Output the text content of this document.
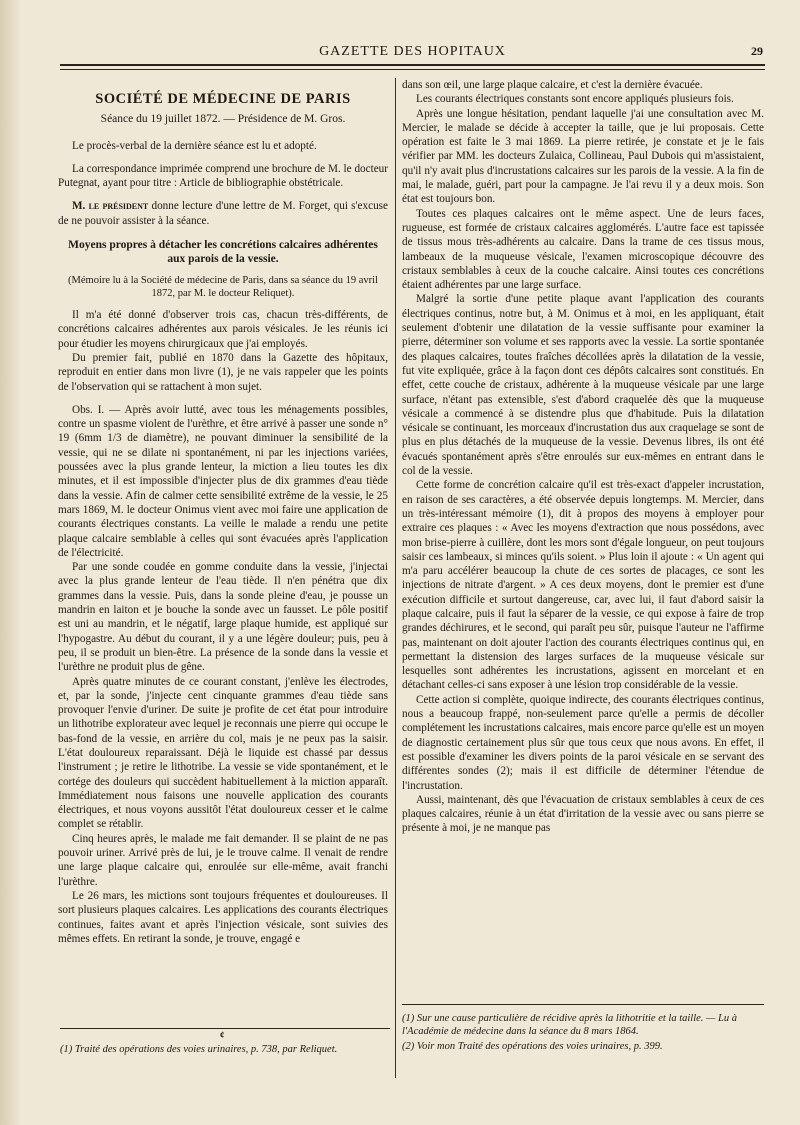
GAZETTE DES HOPITAUX	29
SOCIÉTÉ DE MÉDECINE DE PARIS
Séance du 19 juillet 1872. — Présidence de M. Gros.

Le procès-verbal de la dernière séance est lu et adopté.

La correspondance imprimée comprend une brochure de M. le docteur Putegnat, ayant pour titre : Article de bibliographie obstétricale.

M. le président donne lecture d'une lettre de M. Forget, qui s'excuse de ne pouvoir assister à la séance.

Moyens propres à détacher les concrétions calcaires adhérentes aux parois de la vessie.
(Mémoire lu à la Société de médecine de Paris, dans sa séance du 19 avril 1872, par M. le docteur Reliquet).

Il m'a été donné d'observer trois cas, chacun très-différents, de concrétions calcaires adhérentes aux parois vésicales. Je les réunis ici pour étudier les moyens chirurgicaux que j'ai employés.

Du premier fait, publié en 1870 dans la Gazette des hôpitaux, reproduit en entier dans mon livre (1), je ne vais rappeler que les points de l'observation qui se rattachent à mon sujet.

Obs. I. — Après avoir lutté, avec tous les ménagements possibles, contre un spasme violent de l'urèthre, et être arrivé à passer une sonde n° 19 (6mm 1/3 de diamètre), ne pouvant diminuer la sensibilité de la vessie, qui ne se dilate ni spontanément, ni par les injections variées, poussées avec la plus grande lenteur, la miction a lieu toutes les dix minutes, et il est impossible d'injecter plus de dix grammes d'eau tiède dans la vessie. Afin de calmer cette sensibilité extrême de la vessie, le 25 mars 1869, M. le docteur Onimus vient avec moi faire une application de courants électriques constants. La veille le malade a rendu une petite plaque calcaire semblable à celles qui sont évacuées après l'application de l'électricité.

Par une sonde coudée en gomme conduite dans la vessie, j'injectai avec la plus grande lenteur de l'eau tiède. Il n'en pénétra que dix grammes dans la vessie. Puis, dans la sonde pleine d'eau, je pousse un mandrin en laiton et je bouche la sonde avec un fausset. Le pôle positif est uni au mandrin, et le négatif, large plaque humide, est appliqué sur l'hypogastre. Au début du courant, il y a une légère douleur; puis, peu à peu, il se produit un bien-être. La présence de la sonde dans la vessie et l'urèthre ne produit plus de gêne.

Après quatre minutes de ce courant constant, j'enlève les électrodes, et, par la sonde, j'injecte cent cinquante grammes d'eau tiède sans provoquer l'envie d'uriner. De suite je profite de cet état pour introduire un lithotribe explorateur avec lequel je reconnais une pierre qui occupe le bas-fond de la vessie, en arrière du col, mais je ne peux pas la saisir. L'état douloureux reparaissant. Déjà le liquide est chassé par dessus l'instrument ; je retire le lithotribe. La vessie se vide spontanément, et le cortége des douleurs qui succèdent habituellement à la miction apparaît. Immédiatement nous faisons une nouvelle application des courants électriques, et nous voyons aussitôt l'état douloureux cesser et le calme complet se rétablir.

Cinq heures après, le malade me fait demander. Il se plaint de ne pas pouvoir uriner. Arrivé près de lui, je le trouve calme. Il venait de rendre une large plaque calcaire qui, enroulée sur elle-même, avait franchi l'urèthre.

Le 26 mars, les mictions sont toujours fréquentes et douloureuses. Il sort plusieurs plaques calcaires. Les applications des courants électriques continues, faites avant et après l'injection vésicale, sont suivies des mêmes effets. En retirant la sonde, je trouve, engagé e

dans son œil, une large plaque calcaire, et c'est la dernière évacuée.

Les courants électriques constants sont encore appliqués plusieurs fois.

Après une longue hésitation, pendant laquelle j'ai une consultation avec M. Mercier, le malade se décide à accepter la taille, que je lui proposais. Cette opération est faite le 3 mai 1869. La pierre retirée, je constate et je le fais vérifier par MM. les docteurs Zulaica, Collineau, Paul Dubois qui m'assistaient, qu'il n'y avait plus d'incrustations calcaires sur les parois de la vessie. A la fin de mai, le malade, guéri, part pour la campagne. Je l'ai revu il y a deux mois. Son état est toujours bon.

Toutes ces plaques calcaires ont le même aspect. Une de leurs faces, rugueuse, est formée de cristaux calcaires agglomérés. L'autre face est tapissée de tissus mous très-adhérents au calcaire. Dans la trame de ces tissus mous, lambeaux de la muqueuse vésicale, l'examen microscopique découvre des cristaux semblables à ceux de la couche calcaire. Ainsi toutes ces concrétions étaient adhérentes par une large surface.

Malgré la sortie d'une petite plaque avant l'application des courants électriques continus, notre but, à M. Onimus et à moi, en les appliquant, était seulement d'obtenir une dilatation de la vessie suffisante pour examiner la pierre, déterminer son volume et ses rapports avec la vessie. La sortie spontanée des plaques calcaires, toutes fraîches décollées après la dilatation de la vessie, fut vite expliquée, grâce à la façon dont ces dépôts calcaires sont constitués. En effet, cette couche de cristaux, adhérente à la muqueuse vésicale par une large surface, n'étant pas extensible, s'est d'abord craquelée dès que la muqueuse vésicale a commencé à se distendre plus que d'habitude. Puis la dilatation vésicale se continuant, les morceaux d'incrustation dus aux craquelage se sont de plus en plus détachés de la muqueuse de la vessie. Devenus libres, ils ont été évacués spontanément après s'être enroulés sur eux-mêmes en entrant dans le col de la vessie.

Cette forme de concrétion calcaire qu'il est très-exact d'appeler incrustation, en raison de ses caractères, a été observée depuis longtemps. M. Mercier, dans un très-intéressant mémoire (1), dit à propos des moyens à employer pour extraire ces plaques : « Avec les moyens d'extraction que nous possédons, avec mon brise-pierre à cuillère, dont les mors sont d'égale longueur, on peut toujours saisir ces lambeaux, si minces qu'ils soient. » Plus loin il ajoute : « Un agent qui m'a paru accélérer beaucoup la chute de ces sortes de placages, ce sont les injections de nitrate d'argent. » A ces deux moyens, dont le premier est d'une exécution difficile et surtout dangereuse, car, avec lui, il faut d'abord saisir la plaque calcaire, puis il faut la séparer de la vessie, ce qui expose à faire de trop grandes déchirures, et le second, qui paraît peu sûr, puisque l'auteur ne l'affirme pas, maintenant on doit ajouter l'action des courants électriques continus qui, en permettant la distension des larges surfaces de la muqueuse vésicale sur lesquelles sont adhérentes les incrustations, agissent en morcelant et en détachant celles-ci sans exposer à une lésion trop considérable de la vessie.

Cette action si complète, quoique indirecte, des courants électriques continus, nous a beaucoup frappé, non-seulement parce qu'elle a permis de décoller complétement les incrustations calcaires, mais encore parce qu'elle est un moyen de diagnostic certainement plus sûr que tous ceux que nous avons. En effet, il est possible d'examiner les divers points de la paroi vésicale en se servant des différentes sondes (2); mais il est difficile de déterminer l'étendue de l'incrustation.

Aussi, maintenant, dès que l'évacuation de cristaux semblables à ceux de ces plaques calcaires, réunie à un état d'irritation de la vessie avec ou sans pierre se présente à moi, je ne manque pas

¢
(1) Traité des opérations des voies urinaires, p. 738, par Reliquet.

(1) Sur une cause particulière de récidive après la lithotritie et la taille. — Lu à l'Académie de médecine dans la séance du 8 mars 1864.

(2) Voir mon Traité des opérations des voies urinaires, p. 399.
